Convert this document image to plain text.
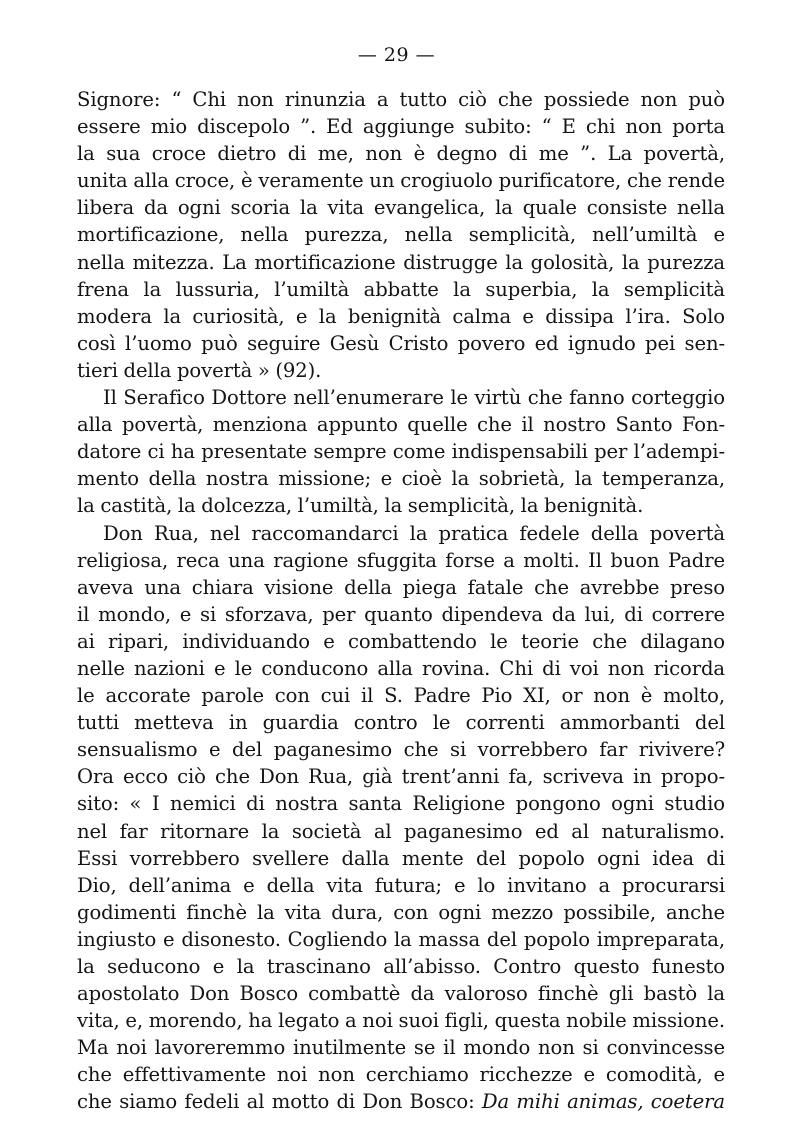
— 29 —

Signore: “ Chi non rinunzia a tutto ciò che possiede non può
essere mio discepolo ”. Ed aggiunge subito: “ E chi non porta
la sua croce dietro di me, non è degno di me ”. La povertà,
unita alla croce, è veramente un crogiuolo purificatore, che rende
libera da ogni scoria la vita evangelica, la quale consiste nella
mortificazione, nella purezza, nella semplicità, nell’umiltà e
nella mitezza. La mortificazione distrugge la golosità, la purezza
frena la lussuria, l’umiltà abbatte la superbia, la semplicità
modera la curiosità, e la benignità calma e dissipa l’ira. Solo
così l’uomo può seguire Gesù Cristo povero ed ignudo pei sen-
tieri della povertà » (92).

Il Serafico Dottore nell’enumerare le virtù che fanno corteggio
alla povertà, menziona appunto quelle che il nostro Santo Fon-
datore ci ha presentate sempre come indispensabili per l’adempi-
mento della nostra missione; e cioè la sobrietà, la temperanza,
la castità, la dolcezza, l’umiltà, la semplicità, la benignità.

Don Rua, nel raccomandarci la pratica fedele della povertà
religiosa, reca una ragione sfuggita forse a molti. Il buon Padre
aveva una chiara visione della piega fatale che avrebbe preso
il mondo, e si sforzava, per quanto dipendeva da lui, di correre
ai ripari, individuando e combattendo le teorie che dilagano
nelle nazioni e le conducono alla rovina. Chi di voi non ricorda
le accorate parole con cui il S. Padre Pio XI, or non è molto,
tutti metteva in guardia contro le correnti ammorbanti del
sensualismo e del paganesimo che si vorrebbero far rivivere?
Ora ecco ciò che Don Rua, già trent’anni fa, scriveva in propo-
sito: « I nemici di nostra santa Religione pongono ogni studio
nel far ritornare la società al paganesimo ed al naturalismo.
Essi vorrebbero svellere dalla mente del popolo ogni idea di
Dio, dell’anima e della vita futura; e lo invitano a procurarsi
godimenti finchè la vita dura, con ogni mezzo possibile, anche
ingiusto e disonesto. Cogliendo la massa del popolo impreparata,
la seducono e la trascinano all’abisso. Contro questo funesto
apostolato Don Bosco combattè da valoroso finchè gli bastò la
vita, e, morendo, ha legato a noi suoi figli, questa nobile missione.
Ma noi lavoreremmo inutilmente se il mondo non si convincesse
che effettivamente noi non cerchiamo ricchezze e comodità, e
che siamo fedeli al motto di Don Bosco: Da mihi animas, coetera
